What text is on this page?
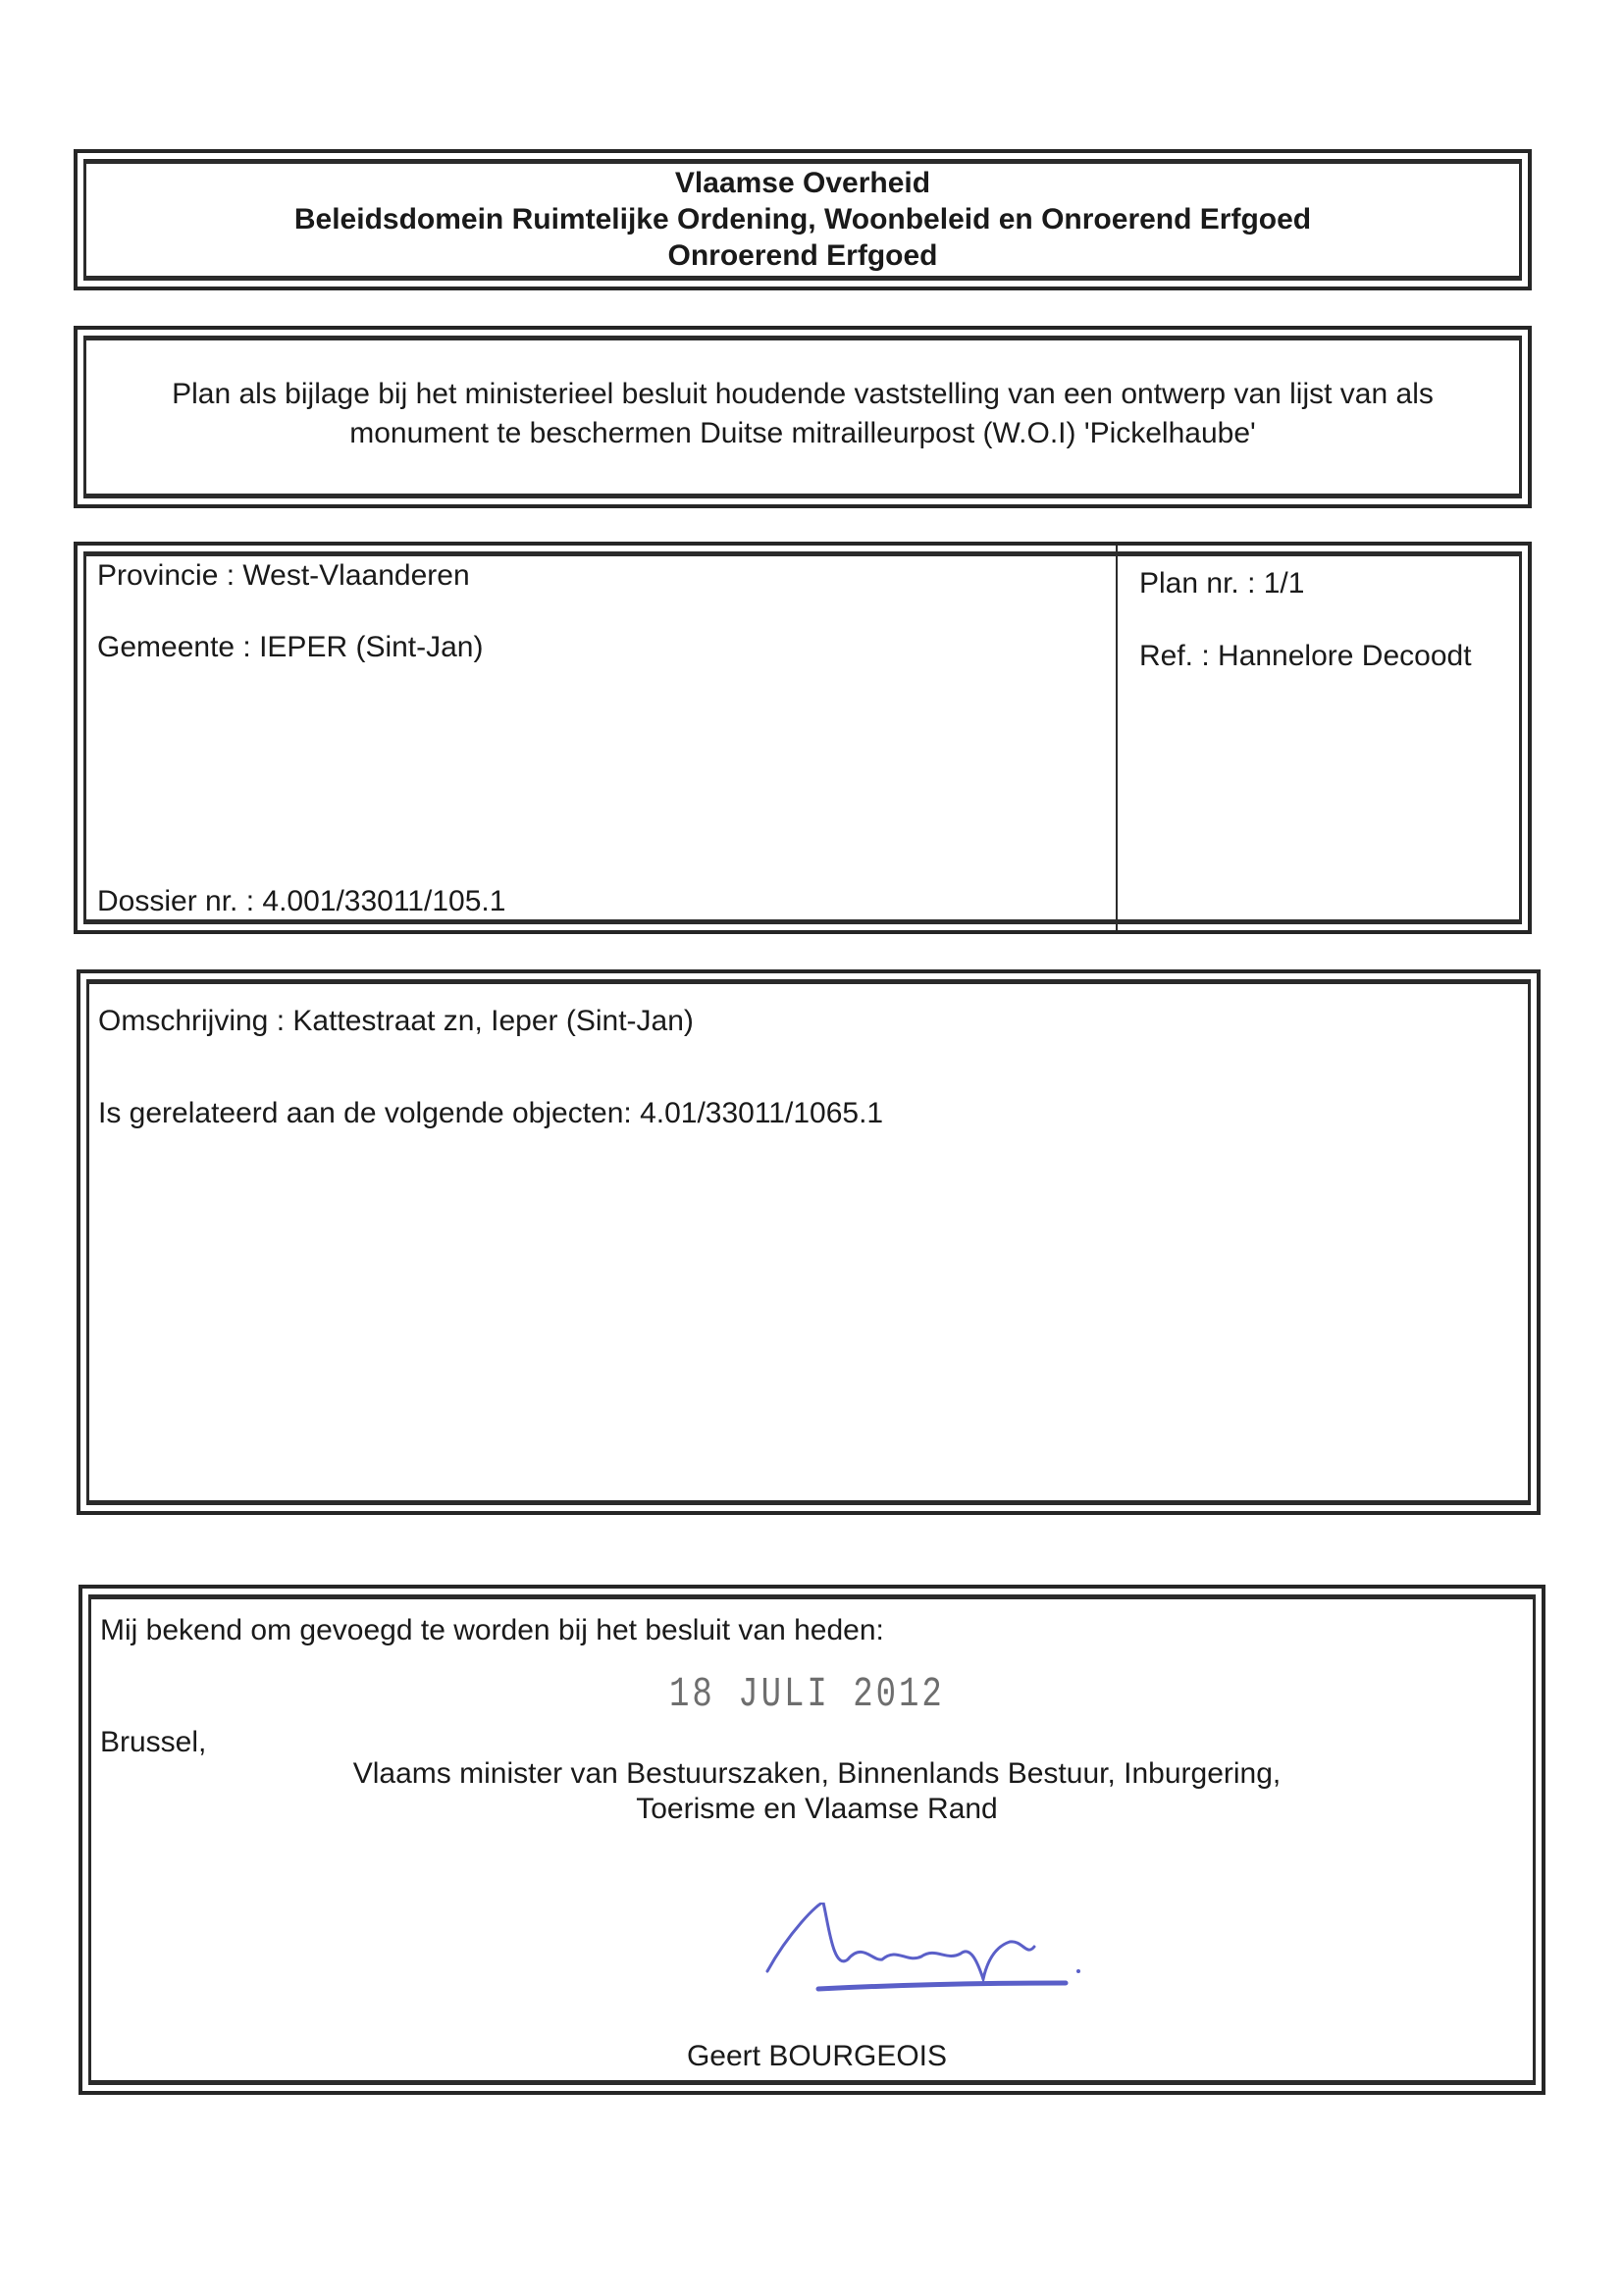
Vlaamse Overheid
Beleidsdomein Ruimtelijke Ordening, Woonbeleid en Onroerend Erfgoed
Onroerend Erfgoed
Plan als bijlage bij het ministerieel besluit houdende vaststelling van een ontwerp van lijst van als
monument te beschermen Duitse mitrailleurpost (W.O.I) 'Pickelhaube'
Provincie : West-Vlaanderen
Gemeente : IEPER (Sint-Jan)
Dossier nr. : 4.001/33011/105.1
Plan nr. : 1/1
Ref. : Hannelore Decoodt
Omschrijving : Kattestraat zn, Ieper (Sint-Jan)
Is gerelateerd aan de volgende objecten: 4.01/33011/1065.1
Mij bekend om gevoegd te worden bij het besluit van heden:
18 JULI 2012
Brussel,
Vlaams minister van Bestuurszaken, Binnenlands Bestuur, Inburgering,
Toerisme en Vlaamse Rand
Geert BOURGEOIS
